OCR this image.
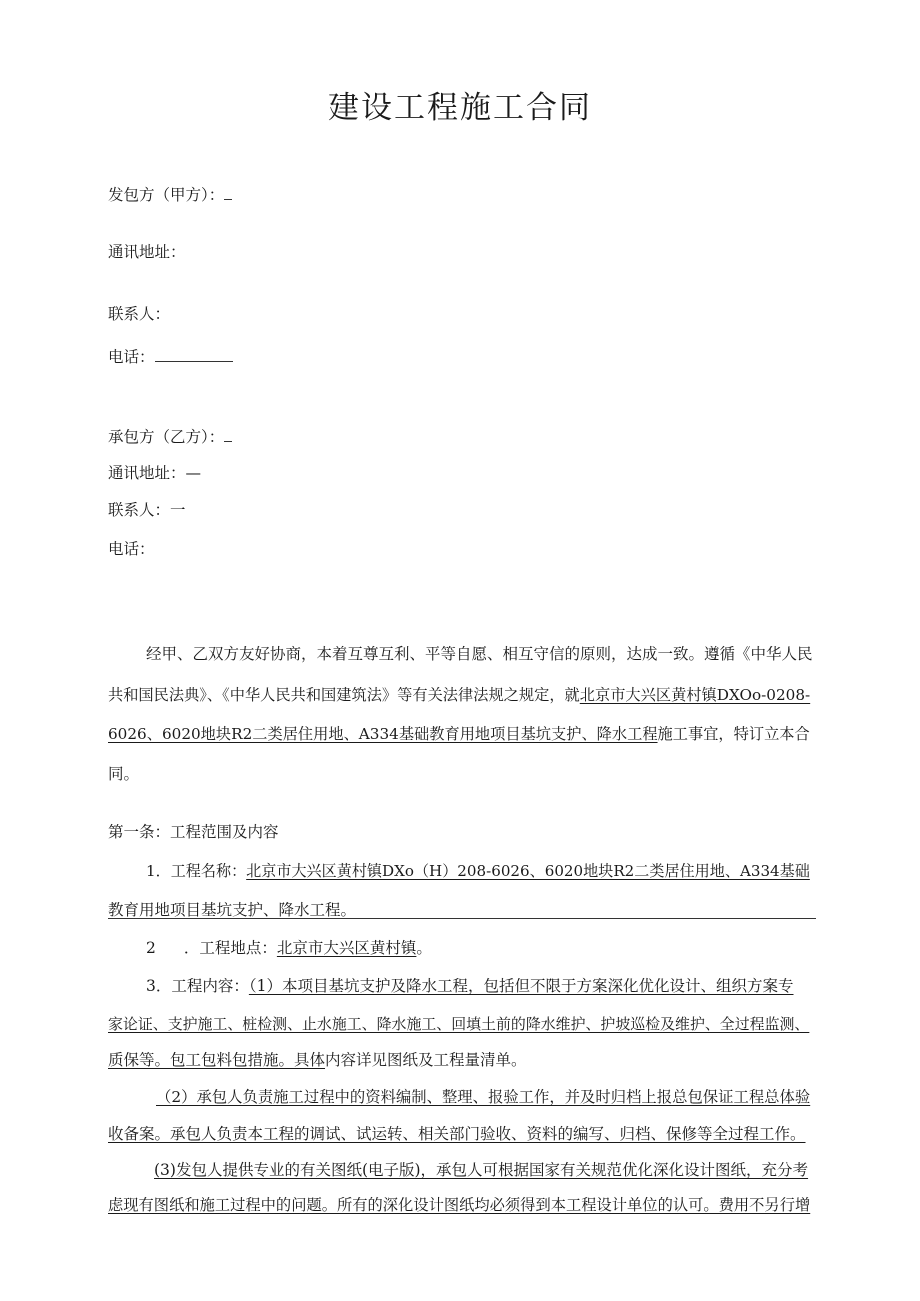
建设工程施工合同
发包方（甲方）：
通讯地址：
联系人：
电话：
承包方（乙方）：
通讯地址：—
联系人：一
电话：
经甲、乙双方友好协商，本着互尊互利、平等自愿、相互守信的原则，达成一致。遵循《中华人民
共和国民法典》、《中华人民共和国建筑法》等有关法律法规之规定，就北京市大兴区黄村镇DXOo-0208-
6026、6020地块R2二类居住用地、A334基础教育用地项目基坑支护、降水工程施工事宜，特订立本合
同。
第一条：工程范围及内容
1．工程名称：北京市大兴区黄村镇DXo（H）208-6026、6020地块R2二类居住用地、A334基础
教育用地项目基坑支护、降水工程。
2 ．工程地点：北京市大兴区黄村镇。
3．工程内容：（1）本项目基坑支护及降水工程，包括但不限于方案深化优化设计、组织方案专
家论证、支护施工、桩检测、止水施工、降水施工、回填土前的降水维护、护坡巡检及维护、全过程监测、
质保等。包工包料包措施。具体内容详见图纸及工程量清单。
（2）承包人负责施工过程中的资料编制、整理、报验工作，并及时归档上报总包保证工程总体验
收备案。承包人负责本工程的调试、试运转、相关部门验收、资料的编写、归档、保修等全过程工作。
(3)发包人提供专业的有关图纸(电子版)，承包人可根据国家有关规范优化深化设计图纸，充分考
虑现有图纸和施工过程中的问题。所有的深化设计图纸均必须得到本工程设计单位的认可。费用不另行增
